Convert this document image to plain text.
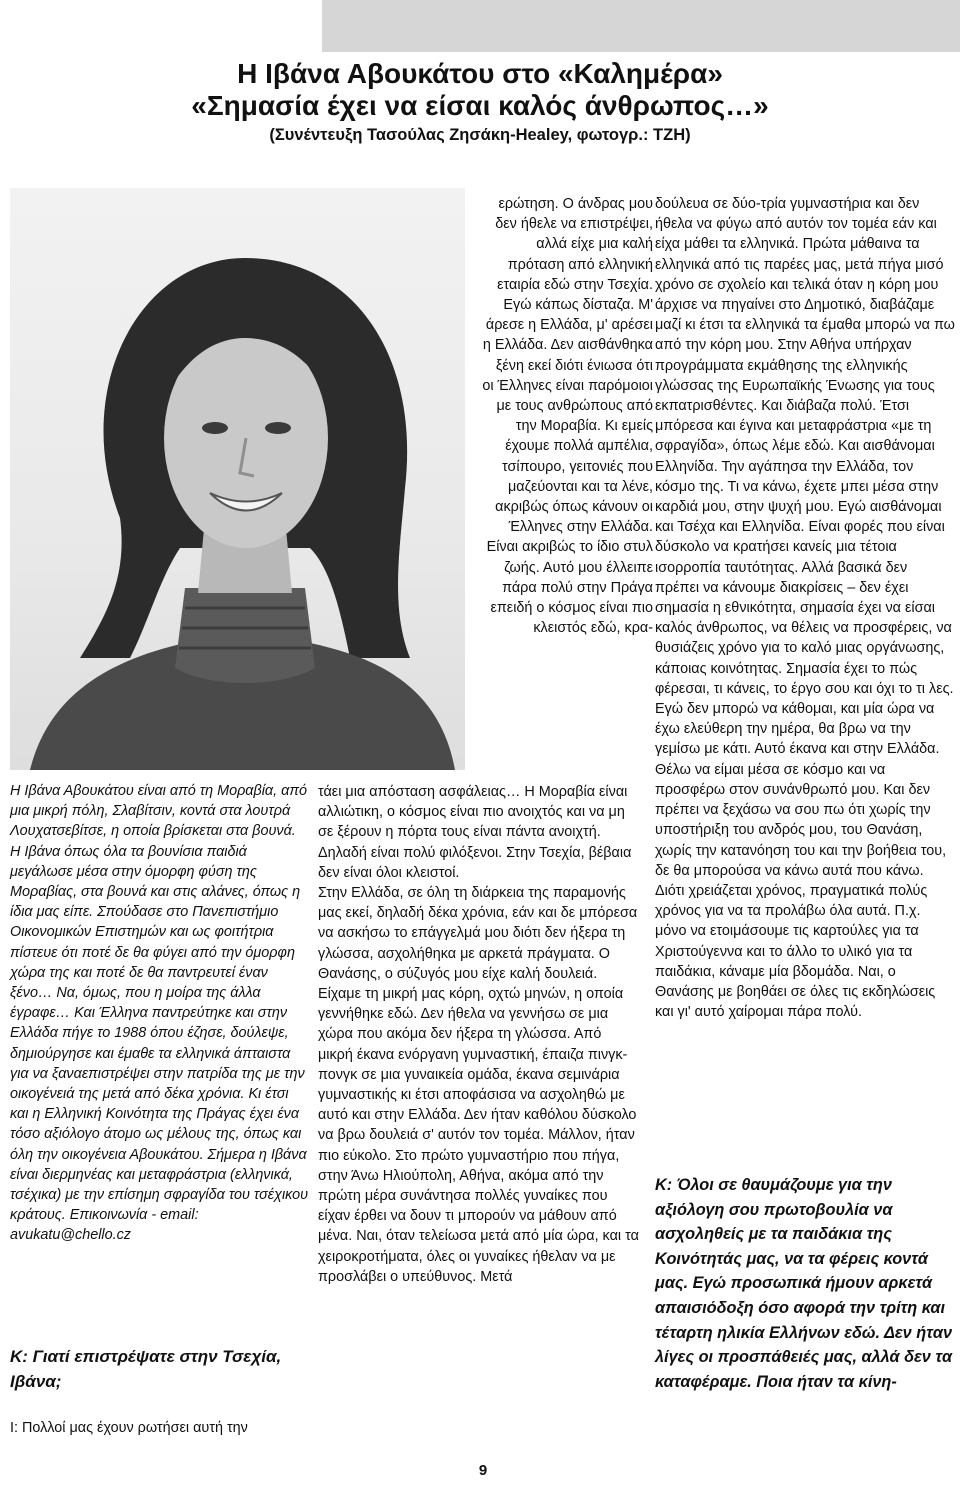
Η Ιβάνα Αβουκάτου στο «Καλημέρα»
«Σημασία έχει να είσαι καλός άνθρωπος…»
(Συνέντευξη Τασούλας Ζησάκη-Healey, φωτογρ.: ΤΖΗ)

Η Ιβάνα Αβουκάτου είναι από τη Μοραβία, από μια μικρή πόλη, Σλαβίτσιν, κοντά στα λουτρά Λουχατσεβίτσε, η οποία βρίσκεται στα βουνά. Η Ιβάνα όπως όλα τα βουνίσια παιδιά μεγάλωσε μέσα στην όμορφη φύση της Μοραβίας, στα βουνά και στις αλάνες, όπως η ίδια μας είπε. Σπούδασε στο Πανεπιστήμιο Οικονομικών Επιστημών και ως φοιτήτρια πίστευε ότι ποτέ δε θα φύγει από την όμορφη χώρα της και ποτέ δε θα παντρευτεί έναν ξένο… Να, όμως, που η μοίρα της άλλα έγραφε… Και Έλληνα παντρεύτηκε και στην Ελλάδα πήγε το 1988 όπου έζησε, δούλεψε, δημιούργησε και έμαθε τα ελληνικά άπταιστα για να ξαναεπιστρέψει στην πατρίδα της με την οικογένειά της μετά από δέκα χρόνια. Κι έτσι και η Ελληνική Κοινότητα της Πράγας έχει ένα τόσο αξιόλογο άτομο ως μέλους της, όπως και όλη την οικογένεια Αβουκάτου. Σήμερα η Ιβάνα είναι διερμηνέας και μεταφράστρια (ελληνικά, τσέχικα) με την επίσημη σφραγίδα του τσέχικου κράτους. Επικοινωνία - email: avukatu@chello.cz

Κ: Γιατί επιστρέψατε στην Τσεχία, Ιβάνα;

Ι: Πολλοί μας έχουν ρωτήσει αυτή την

ερώτηση. Ο άνδρας μου δεν ήθελε να επιστρέψει, αλλά είχε μια καλή πρόταση από ελληνική εταιρία εδώ στην Τσεχία. Εγώ κάπως δίσταζα. Μ' άρεσε η Ελλάδα, μ' αρέσει η Ελλάδα. Δεν αισθάνθηκα ξένη εκεί διότι ένιωσα ότι οι Έλληνες είναι παρόμοιοι με τους ανθρώπους από την Μοραβία. Κι εμείς έχουμε πολλά αμπέλια, τσίπουρο, γειτονιές που μαζεύονται και τα λένε, ακριβώς όπως κάνουν οι Έλληνες στην Ελλάδα. Είναι ακριβώς το ίδιο στυλ ζωής. Αυτό μου έλλειπε πάρα πολύ στην Πράγα επειδή ο κόσμος είναι πιο κλειστός εδώ, κρα-

τάει μια απόσταση ασφάλειας… Η Μοραβία είναι αλλιώτικη, ο κόσμος είναι πιο ανοιχτός και να μη σε ξέρουν η πόρτα τους είναι πάντα ανοιχτή. Δηλαδή είναι πολύ φιλόξενοι. Στην Τσεχία, βέβαια δεν είναι όλοι κλειστοί.

Στην Ελλάδα, σε όλη τη διάρκεια της παραμονής μας εκεί, δηλαδή δέκα χρόνια, εάν και δε μπόρεσα να ασκήσω το επάγγελμά μου διότι δεν ήξερα τη γλώσσα, ασχολήθηκα με αρκετά πράγματα. Ο Θανάσης, ο σύζυγός μου είχε καλή δουλειά. Είχαμε τη μικρή μας κόρη, οχτώ μηνών, η οποία γεννήθηκε εδώ. Δεν ήθελα να γεννήσω σε μια χώρα που ακόμα δεν ήξερα τη γλώσσα. Από μικρή έκανα ενόργανη γυμναστική, έπαιζα πινγκ-πονγκ σε μια γυναικεία ομάδα, έκανα σεμινάρια γυμναστικής κι έτσι αποφάσισα να ασχοληθώ με αυτό και στην Ελλάδα. Δεν ήταν καθόλου δύσκολο να βρω δουλειά σ' αυτόν τον τομέα. Μάλλον, ήταν πιο εύκολο. Στο πρώτο γυμναστήριο που πήγα, στην Άνω Ηλιούπολη, Αθήνα, ακόμα από την πρώτη μέρα συνάντησα πολλές γυναίκες που είχαν έρθει να δουν τι μπορούν να μάθουν από μένα. Ναι, όταν τελείωσα μετά από μία ώρα, και τα χειροκροτήματα, όλες οι γυναίκες ήθελαν να με προσλάβει ο υπεύθυνος. Μετά

δούλευα σε δύο-τρία γυμναστήρια και δεν ήθελα να φύγω από αυτόν τον τομέα εάν και είχα μάθει τα ελληνικά. Πρώτα μάθαινα τα ελληνικά από τις παρέες μας, μετά πήγα μισό χρόνο σε σχολείο και τελικά όταν η κόρη μου άρχισε να πηγαίνει στο Δημοτικό, διαβάζαμε μαζί κι έτσι τα ελληνικά τα έμαθα μπορώ να πω από την κόρη μου. Στην Αθήνα υπήρχαν προγράμματα εκμάθησης της ελληνικής γλώσσας της Ευρωπαϊκής Ένωσης για τους εκπατρισθέντες. Και διάβαζα πολύ. Έτσι μπόρεσα και έγινα και μεταφράστρια «με τη σφραγίδα», όπως λέμε εδώ. Και αισθάνομαι Ελληνίδα. Την αγάπησα την Ελλάδα, τον κόσμο της. Τι να κάνω, έχετε μπει μέσα στην καρδιά μου, στην ψυχή μου. Εγώ αισθάνομαι και Τσέχα και Ελληνίδα. Είναι φορές που είναι δύσκολο να κρατήσει κανείς μια τέτοια ισορροπία ταυτότητας. Αλλά βασικά δεν πρέπει να κάνουμε διακρίσεις – δεν έχει σημασία η εθνικότητα, σημασία έχει να είσαι καλός άνθρωπος, να θέλεις να προσφέρεις, να θυσιάζεις χρόνο για το καλό μιας οργάνωσης, κάποιας κοινότητας. Σημασία έχει το πώς φέρεσαι, τι κάνεις, το έργο σου και όχι το τι λες. Εγώ δεν μπορώ να κάθομαι, και μία ώρα να έχω ελεύθερη την ημέρα, θα βρω να την γεμίσω με κάτι. Αυτό έκανα και στην Ελλάδα. Θέλω να είμαι μέσα σε κόσμο και να προσφέρω στον συνάνθρωπό μου. Και δεν πρέπει να ξεχάσω να σου πω ότι χωρίς την υποστήριξη του ανδρός μου, του Θανάση, χωρίς την κατανόηση του και την βοήθεια του, δε θα μπορούσα να κάνω αυτά που κάνω. Διότι χρειάζεται χρόνος, πραγματικά πολύς χρόνος για να τα προλάβω όλα αυτά. Π.χ. μόνο να ετοιμάσουμε τις καρτούλες για τα Χριστούγεννα και το άλλο το υλικό για τα παιδάκια, κάναμε μία βδομάδα. Ναι, ο Θανάσης με βοηθάει σε όλες τις εκδηλώσεις και γι' αυτό χαίρομαι πάρα πολύ.

Κ: Όλοι σε θαυμάζουμε για την αξιόλογη σου πρωτοβουλία να ασχοληθείς με τα παιδάκια της Κοινότητάς μας, να τα φέρεις κοντά μας. Εγώ προσωπικά ήμουν αρκετά απαισιόδοξη όσο αφορά την τρίτη και τέταρτη ηλικία Ελλήνων εδώ. Δεν ήταν λίγες οι προσπάθειές μας, αλλά δεν τα καταφέραμε. Ποια ήταν τα κίνη-
9
